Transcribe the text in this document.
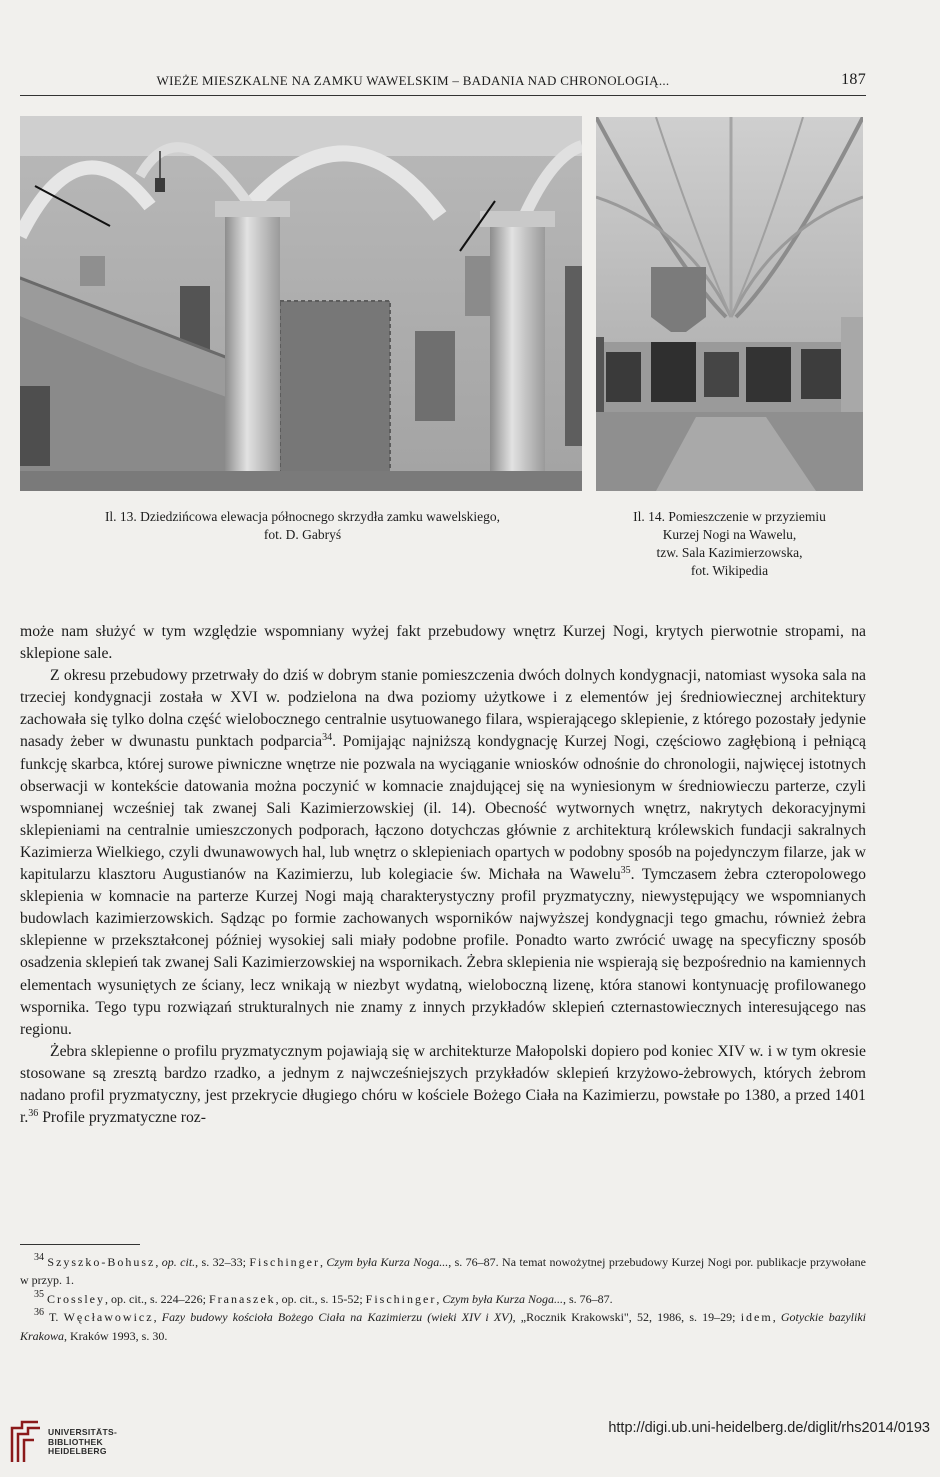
WIEŻE MIESZKALNE NA ZAMKU WAWELSKIM – BADANIA NAD CHRONOLOGIĄ...	187
Il. 13. Dziedzińcowa elewacja północnego skrzydła zamku wawelskiego,
fot. D. Gabryś
Il. 14. Pomieszczenie w przyziemiu
Kurzej Nogi na Wawelu,
tzw. Sala Kazimierzowska,
fot. Wikipedia

może nam służyć w tym względzie wspomniany wyżej fakt przebudowy wnętrz Kurzej Nogi, krytych pierwotnie stropami, na sklepione sale.

Z okresu przebudowy przetrwały do dziś w dobrym stanie pomieszczenia dwóch dolnych kondygnacji, natomiast wysoka sala na trzeciej kondygnacji została w XVI w. podzielona na dwa poziomy użytkowe i z elementów jej średniowiecznej architektury zachowała się tylko dolna część wielobocznego centralnie usytuowanego filara, wspierającego sklepienie, z którego pozostały jedynie nasady żeber w dwunastu punktach podparcia$^{34}$. Pomijając najniższą kondygnację Kurzej Nogi, częściowo zagłębioną i pełniącą funkcję skarbca, której surowe piwniczne wnętrze nie pozwala na wyciąganie wniosków odnośnie do chronologii, najwięcej istotnych obserwacji w kontekście datowania można poczynić w komnacie znajdującej się na wyniesionym w średniowieczu parterze, czyli wspomnianej wcześniej tak zwanej Sali Kazimierzowskiej (il. 14). Obecność wytwornych wnętrz, nakrytych dekoracyjnymi sklepieniami na centralnie umieszczonych podporach, łączono dotychczas głównie z architekturą królewskich fundacji sakralnych Kazimierza Wielkiego, czyli dwunawowych hal, lub wnętrz o sklepieniach opartych w podobny sposób na pojedynczym filarze, jak w kapitularzu klasztoru Augustianów na Kazimierzu, lub kolegiacie św. Michała na Wawelu$^{35}$. Tymczasem żebra czteropolowego sklepienia w komnacie na parterze Kurzej Nogi mają charakterystyczny profil pryzmatyczny, niewystępujący we wspomnianych budowlach kazimierzowskich. Sądząc po formie zachowanych wsporników najwyższej kondygnacji tego gmachu, również żebra sklepienne w przekształconej później wysokiej sali miały podobne profile. Ponadto warto zwrócić uwagę na specyficzny sposób osadzenia sklepień tak zwanej Sali Kazimierzowskiej na wspornikach. Żebra sklepienia nie wspierają się bezpośrednio na kamiennych elementach wysuniętych ze ściany, lecz wnikają w niezbyt wydatną, wieloboczną lizenę, która stanowi kontynuację profilowanego wspornika. Tego typu rozwiązań strukturalnych nie znamy z innych przykładów sklepień czternastowiecznych interesującego nas regionu.

Żebra sklepienne o profilu pryzmatycznym pojawiają się w architekturze Małopolski dopiero pod koniec XIV w. i w tym okresie stosowane są zresztą bardzo rzadko, a jednym z najwcześniejszych przykładów sklepień krzyżowo-żebrowych, których żebrom nadano profil pryzmatyczny, jest przekrycie długiego chóru w kościele Bożego Ciała na Kazimierzu, powstałe po 1380, a przed 1401 r.$^{36}$ Profile pryzmatyczne roz-

$^{34}$ Szyszko-Bohusz, op. cit., s. 32–33; Fischinger, Czym była Kurza Noga..., s. 76–87. Na temat nowożytnej przebudowy Kurzej Nogi por. publikacje przywołane w przyp. 1.

$^{35}$ Crossley, op. cit., s. 224–226; Franaszek, op. cit., s. 15-52; Fischinger, Czym była Kurza Noga..., s. 76–87.

$^{36}$ T. Węcławowicz, Fazy budowy kościoła Bożego Ciała na Kazimierzu (wieki XIV i XV), „Rocznik Krakowski", 52, 1986, s. 19–29; idem, Gotyckie bazyliki Krakowa, Kraków 1993, s. 30.

UNIVERSITÄTS-
BIBLIOTHEK
HEIDELBERG
http://digi.ub.uni-heidelberg.de/diglit/rhs2014/0193
